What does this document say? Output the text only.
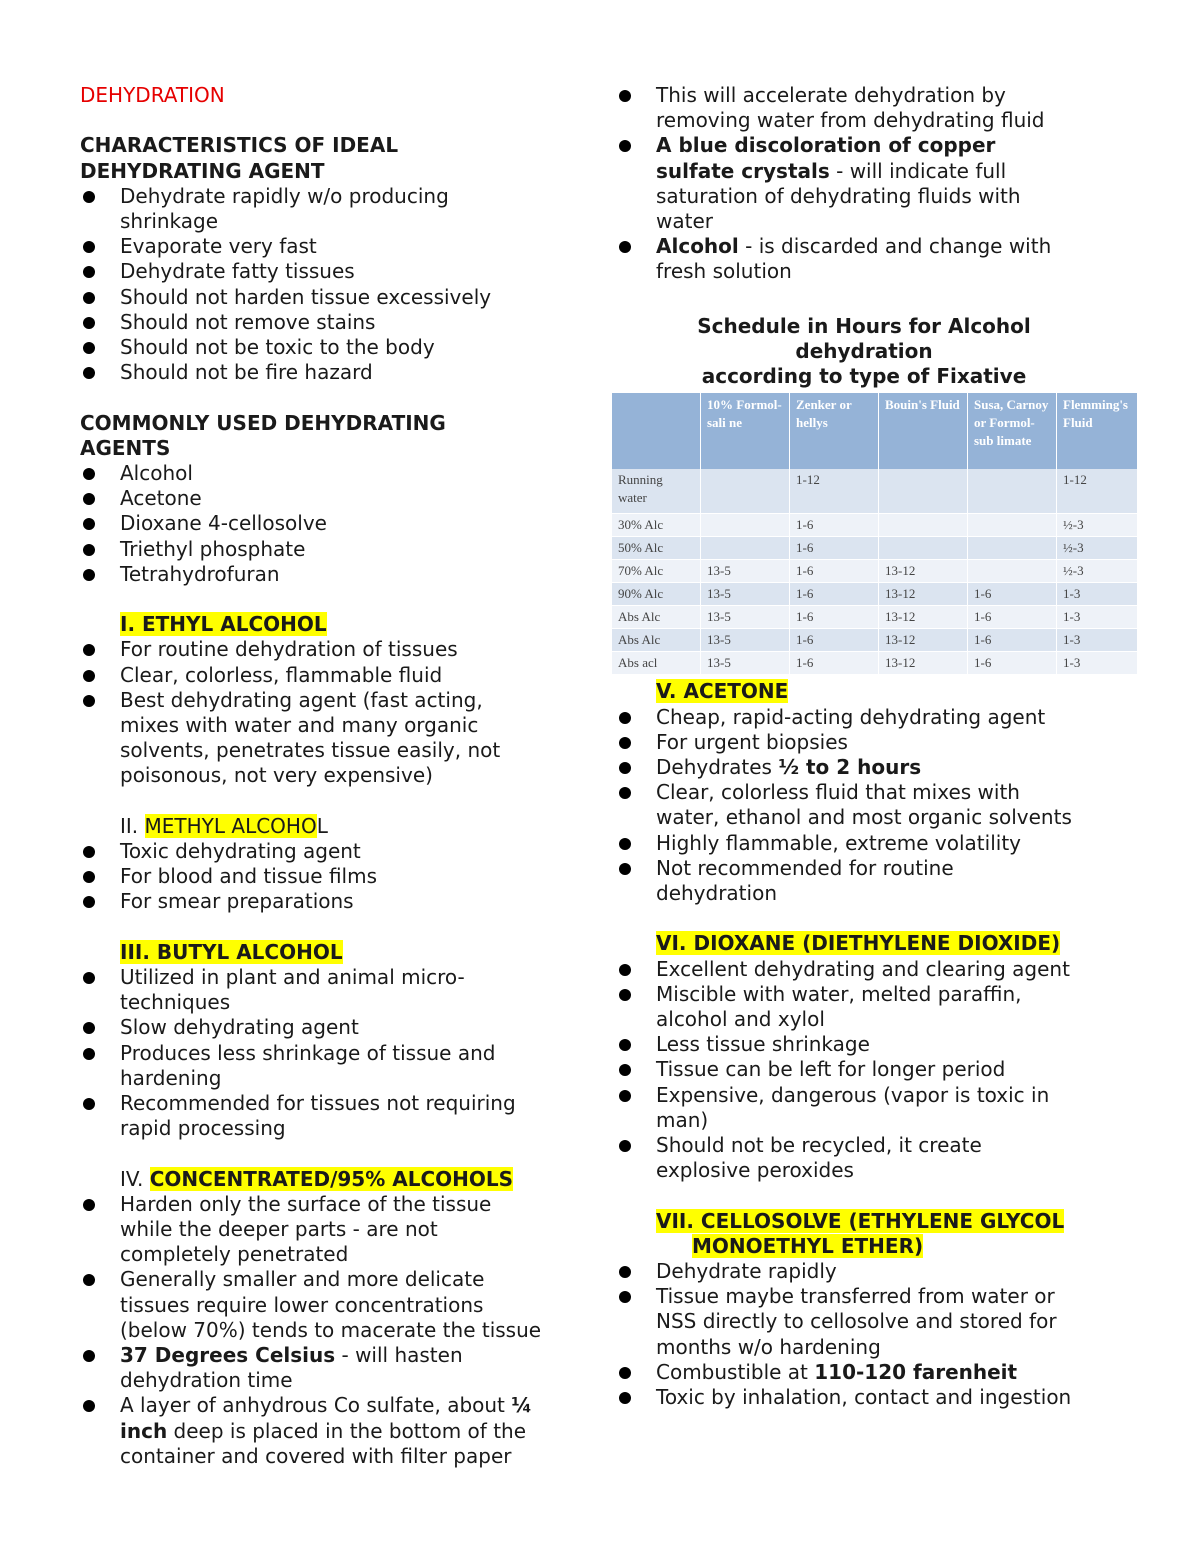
DEHYDRATION

CHARACTERISTICS OF IDEAL

DEHYDRATING AGENT

Dehydrate rapidly w/o producing
shrinkage
Evaporate very fast
Dehydrate fatty tissues
Should not harden tissue excessively
Should not remove stains
Should not be toxic to the body
Should not be fire hazard

COMMONLY USED DEHYDRATING

AGENTS

Alcohol
Acetone
Dioxane 4-cellosolve
Triethyl phosphate
Tetrahydrofuran
I. ETHYL ALCOHOL
For routine dehydration of tissues
Clear, colorless, flammable fluid
Best dehydrating agent (fast acting,
mixes with water and many organic
solvents, penetrates tissue easily, not
poisonous, not very expensive)
II. METHYL ALCOHOL
Toxic dehydrating agent
For blood and tissue films
For smear preparations
III. BUTYL ALCOHOL
Utilized in plant and animal micro-
techniques
Slow dehydrating agent
Produces less shrinkage of tissue and
hardening
Recommended for tissues not requiring
rapid processing
IV. CONCENTRATED/95% ALCOHOLS
Harden only the surface of the tissue
while the deeper parts - are not
completely penetrated
Generally smaller and more delicate
tissues require lower concentrations
(below 70%) tends to macerate the tissue
37 Degrees Celsius - will hasten
dehydration time
A layer of anhydrous Co sulfate, about ¼
inch deep is placed in the bottom of the
container and covered with filter paper
This will accelerate dehydration by
removing water from dehydrating fluid
A blue discoloration of copper
sulfate crystals - will indicate full
saturation of dehydrating fluids with
water
Alcohol - is discarded and change with
fresh solution
Schedule in Hours for Alcohol
dehydration
according to type of Fixative
	10% Formol-sali ne	Zenker or hellys	Bouin's Fluid	Susa, Carnoy or Formol-sub limate	Flemming's Fluid
Running water		1-12			1-12
30% Alc		1-6			½-3
50% Alc		1-6			½-3
70% Alc	13-5	1-6	13-12		½-3
90% Alc	13-5	1-6	13-12	1-6	1-3
Abs Alc	13-5	1-6	13-12	1-6	1-3
Abs Alc	13-5	1-6	13-12	1-6	1-3
Abs acl	13-5	1-6	13-12	1-6	1-3
V. ACETONE
Cheap, rapid-acting dehydrating agent
For urgent biopsies
Dehydrates ½ to 2 hours
Clear, colorless fluid that mixes with
water, ethanol and most organic solvents
Highly flammable, extreme volatility
Not recommended for routine
dehydration
VI. DIOXANE (DIETHYLENE DIOXIDE)
Excellent dehydrating and clearing agent
Miscible with water, melted paraffin,
alcohol and xylol
Less tissue shrinkage
Tissue can be left for longer period
Expensive, dangerous (vapor is toxic in
man)
Should not be recycled, it create
explosive peroxides
VII. CELLOSOLVE (ETHYLENE GLYCOL
MONOETHYL ETHER)
Dehydrate rapidly
Tissue maybe transferred from water or
NSS directly to cellosolve and stored for
months w/o hardening
Combustible at 110-120 farenheit
Toxic by inhalation, contact and ingestion
